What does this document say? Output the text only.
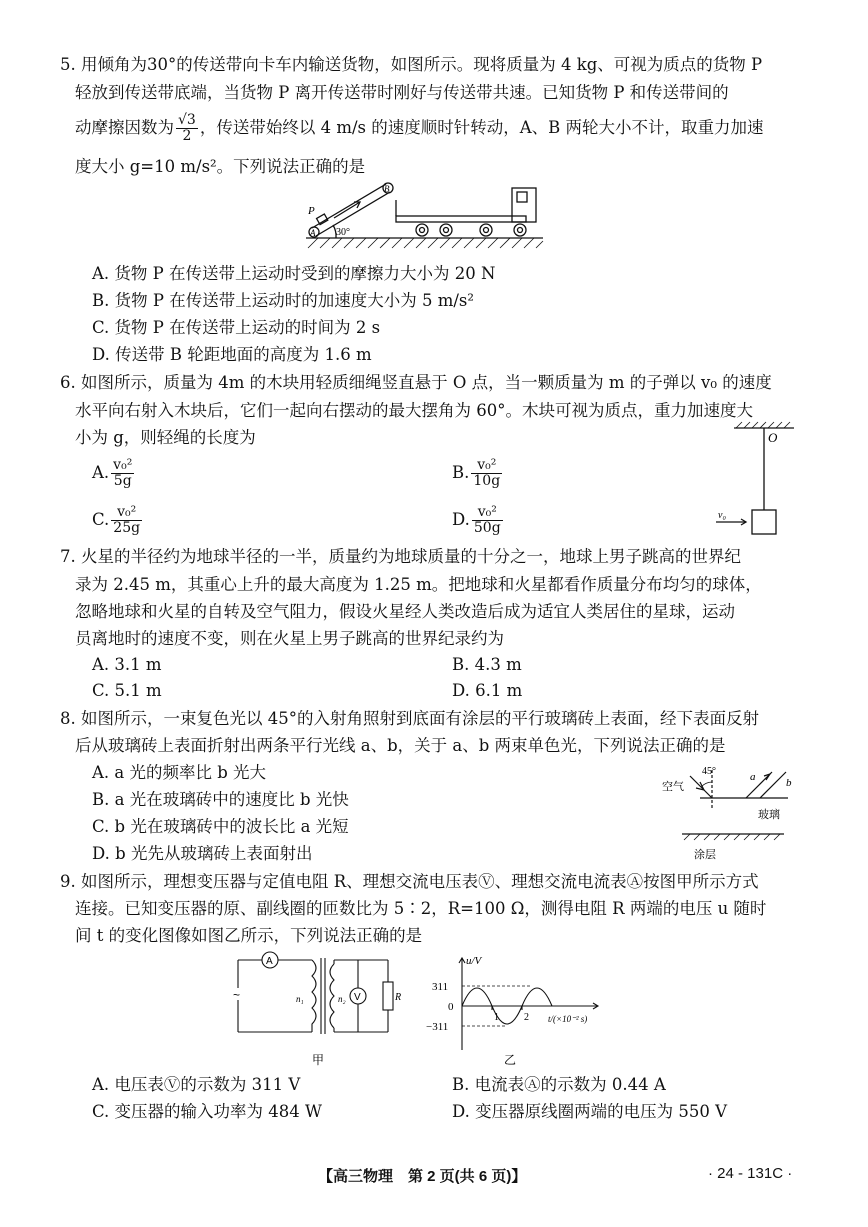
5. 用倾角为30°的传送带向卡车内输送货物，如图所示。现将质量为 4 kg、可视为质点的货物 P
轻放到传送带底端，当货物 P 离开传送带时刚好与传送带共速。已知货物 P 和传送带间的
动摩擦因数为 $\frac{√3}{2}$ ，传送带始终以 4 m/s 的速度顺时针转动，A、B 两轮大小不计，取重力加速
度大小 g=10 m/s²。下列说法正确的是
P
A
B
30°
A. 货物 P 在传送带上运动时受到的摩擦力大小为 20 N
B. 货物 P 在传送带上运动时的加速度大小为 5 m/s²
C. 货物 P 在传送带上运动的时间为 2 s
D. 传送带 B 轮距地面的高度为 1.6 m
6. 如图所示，质量为 4m 的木块用轻质细绳竖直悬于 O 点，当一颗质量为 m 的子弹以 v₀ 的速度
水平向右射入木块后，它们一起向右摆动的最大摆角为 60°。木块可视为质点，重力加速度大
小为 g，则轻绳的长度为
A. $\frac{\text{v₀²}}{5g}$	B. $\frac{\text{v₀²}}{10g}$
C. $\frac{\text{v₀²}}{25g}$	D. $\frac{\text{v₀²}}{50g}$
O
v₀
7. 火星的半径约为地球半径的一半，质量约为地球质量的十分之一，地球上男子跳高的世界纪
录为 2.45 m，其重心上升的最大高度为 1.25 m。把地球和火星都看作质量分布均匀的球体，
忽略地球和火星的自转及空气阻力，假设火星经人类改造后成为适宜人类居住的星球，运动
员离地时的速度不变，则在火星上男子跳高的世界纪录约为
A. 3.1 m	B. 4.3 m
C. 5.1 m	D. 6.1 m
8. 如图所示，一束复色光以 45°的入射角照射到底面有涂层的平行玻璃砖上表面，经下表面反射
后从玻璃砖上表面折射出两条平行光线 a、b，关于 a、b 两束单色光，下列说法正确的是
A. a 光的频率比 b 光大
B. a 光在玻璃砖中的速度比 b 光快
C. b 光在玻璃砖中的波长比 a 光短
D. b 光先从玻璃砖上表面射出
45°
空气
玻璃
涂层
a	b
9. 如图所示，理想变压器与定值电阻 R、理想交流电压表Ⓥ、理想交流电流表Ⓐ按图甲所示方式
连接。已知变压器的原、副线圈的匝数比为 5∶2，R=100 Ω，测得电阻 R 两端的电压 u 随时
间 t 的变化图像如图乙所示，下列说法正确的是
A
V
n₁	n₂	R
~
甲
u/V
311
0
−311
1	2 t/(×10⁻² s)
乙
A. 电压表Ⓥ的示数为 311 V	B. 电流表Ⓐ的示数为 0.44 A
C. 变压器的输入功率为 484 W	D. 变压器原线圈两端的电压为 550 V
【高三物理　第 2 页(共 6 页)】	· 24 - 131C ·
